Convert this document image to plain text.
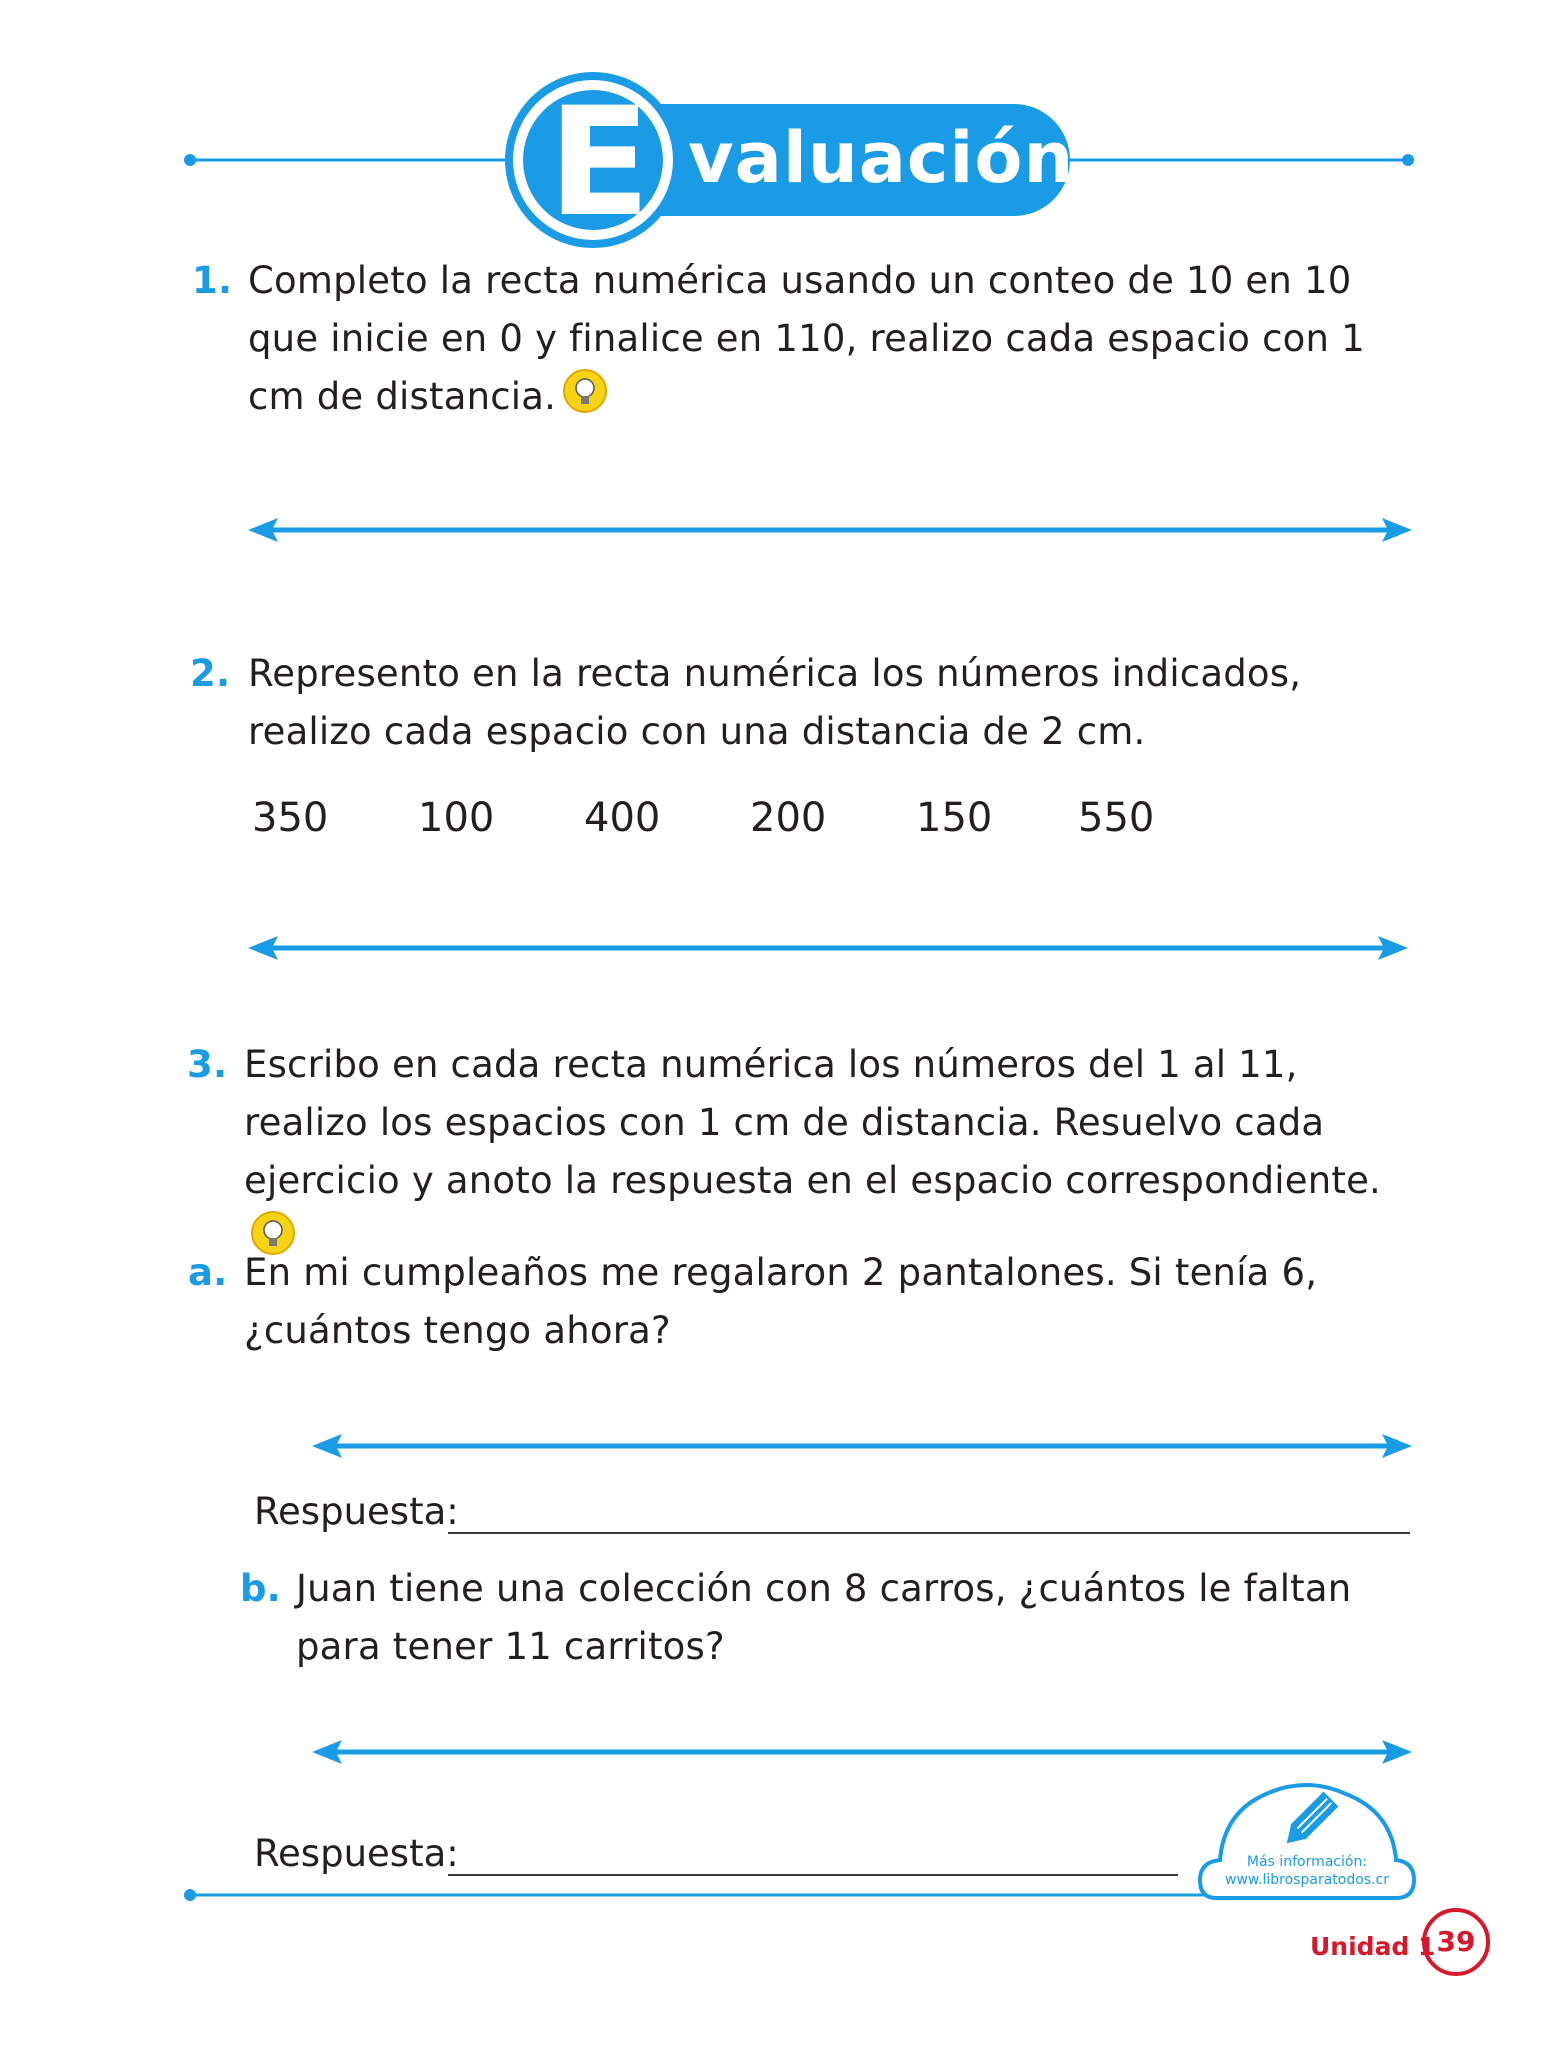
E valuación
1. Completo la recta numérica usando un conteo de 10 en 10 que inicie en 0 y finalice en 110, realizo cada espacio con 1 cm de distancia.
2. Represento en la recta numérica los números indicados, realizo cada espacio con una distancia de 2 cm.
350 100 400 200 150 550
3. Escribo en cada recta numérica los números del 1 al 11, realizo los espacios con 1 cm de distancia. Resuelvo cada ejercicio y anoto la respuesta en el espacio correspondiente.
a. En mi cumpleaños me regalaron 2 pantalones. Si tenía 6, ¿cuántos tengo ahora?
Respuesta:
b. Juan tiene una colección con 8 carros, ¿cuántos le faltan para tener 11 carritos?
Respuesta:	Más información:
www.librosparatodos.cr
Unidad 1 39
